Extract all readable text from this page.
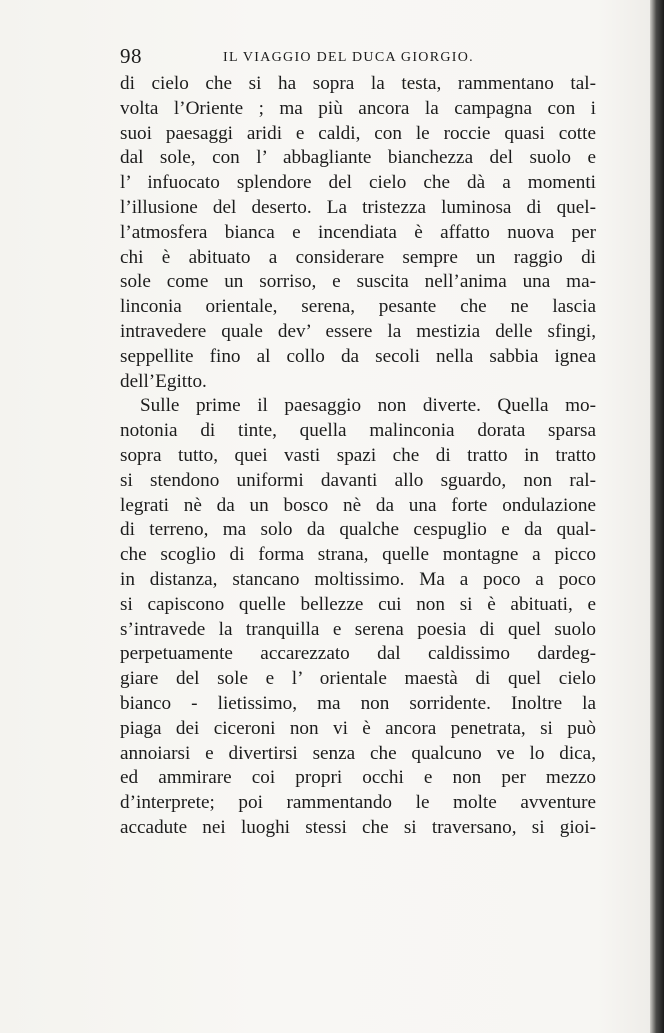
98	IL VIAGGIO DEL DUCA GIORGIO.
di cielo che si ha sopra la testa, rammentano tal-
volta l’Oriente ; ma più ancora la campagna con i
suoi paesaggi aridi e caldi, con le roccie quasi cotte
dal sole, con l’ abbagliante bianchezza del suolo e
l’ infuocato splendore del cielo che dà a momenti
l’illusione del deserto. La tristezza luminosa di quel-
l’atmosfera bianca e incendiata è affatto nuova per
chi è abituato a considerare sempre un raggio di
sole come un sorriso, e suscita nell’anima una ma-
linconia orientale, serena, pesante che ne lascia
intravedere quale dev’ essere la mestizia delle sfingi,
seppellite fino al collo da secoli nella sabbia ignea
dell’Egitto.
Sulle prime il paesaggio non diverte. Quella mo-
notonia di tinte, quella malinconia dorata sparsa
sopra tutto, quei vasti spazi che di tratto in tratto
si stendono uniformi davanti allo sguardo, non ral-
legrati nè da un bosco nè da una forte ondulazione
di terreno, ma solo da qualche cespuglio e da qual-
che scoglio di forma strana, quelle montagne a picco
in distanza, stancano moltissimo. Ma a poco a poco
si capiscono quelle bellezze cui non si è abituati, e
s’intravede la tranquilla e serena poesia di quel suolo
perpetuamente accarezzato dal caldissimo dardeg-
giare del sole e l’ orientale maestà di quel cielo
bianco - lietissimo, ma non sorridente. Inoltre la
piaga dei ciceroni non vi è ancora penetrata, si può
annoiarsi e divertirsi senza che qualcuno ve lo dica,
ed ammirare coi propri occhi e non per mezzo
d’interprete; poi rammentando le molte avventure
accadute nei luoghi stessi che si traversano, si gioi-
